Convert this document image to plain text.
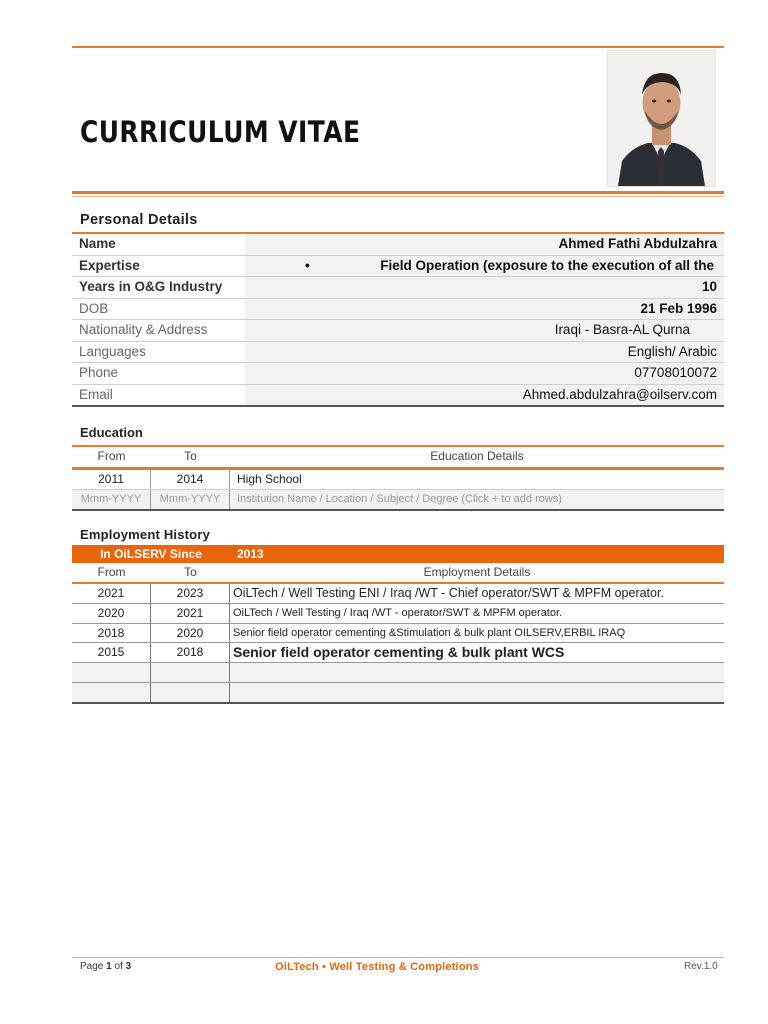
CURRICULUM VITAE
Personal Details
Name	Ahmed Fathi Abdulzahra
Expertise	•	Field Operation (exposure to the execution of all the
Years in O&G Industry	10
DOB	21 Feb 1996
Nationality & Address	Iraqi - Basra-AL Qurna
Languages	English/ Arabic
Phone	07708010072
Email	Ahmed.abdulzahra@oilserv.com
Education
From	To	Education Details
2011	2014	High School
Mmm-YYYY	Mmm-YYYY	Institution Name / Location / Subject / Degree (Click + to add rows)
Employment History
In OiLSERV Since	2013
From	To	Employment Details
2021	2023	OiLTech / Well Testing ENI / Iraq /WT - Chief operator/SWT & MPFM operator.
2020	2021	OiLTech / Well Testing / Iraq /WT - operator/SWT & MPFM operator.
2018	2020	Senior field operator cementing &Stimulation & bulk plant OILSERV,ERBIL IRAQ
2015	2018	Senior field operator cementing & bulk plant WCS
Page 1 of 3	OiLTech • Well Testing & Completions	Rev.1.0
